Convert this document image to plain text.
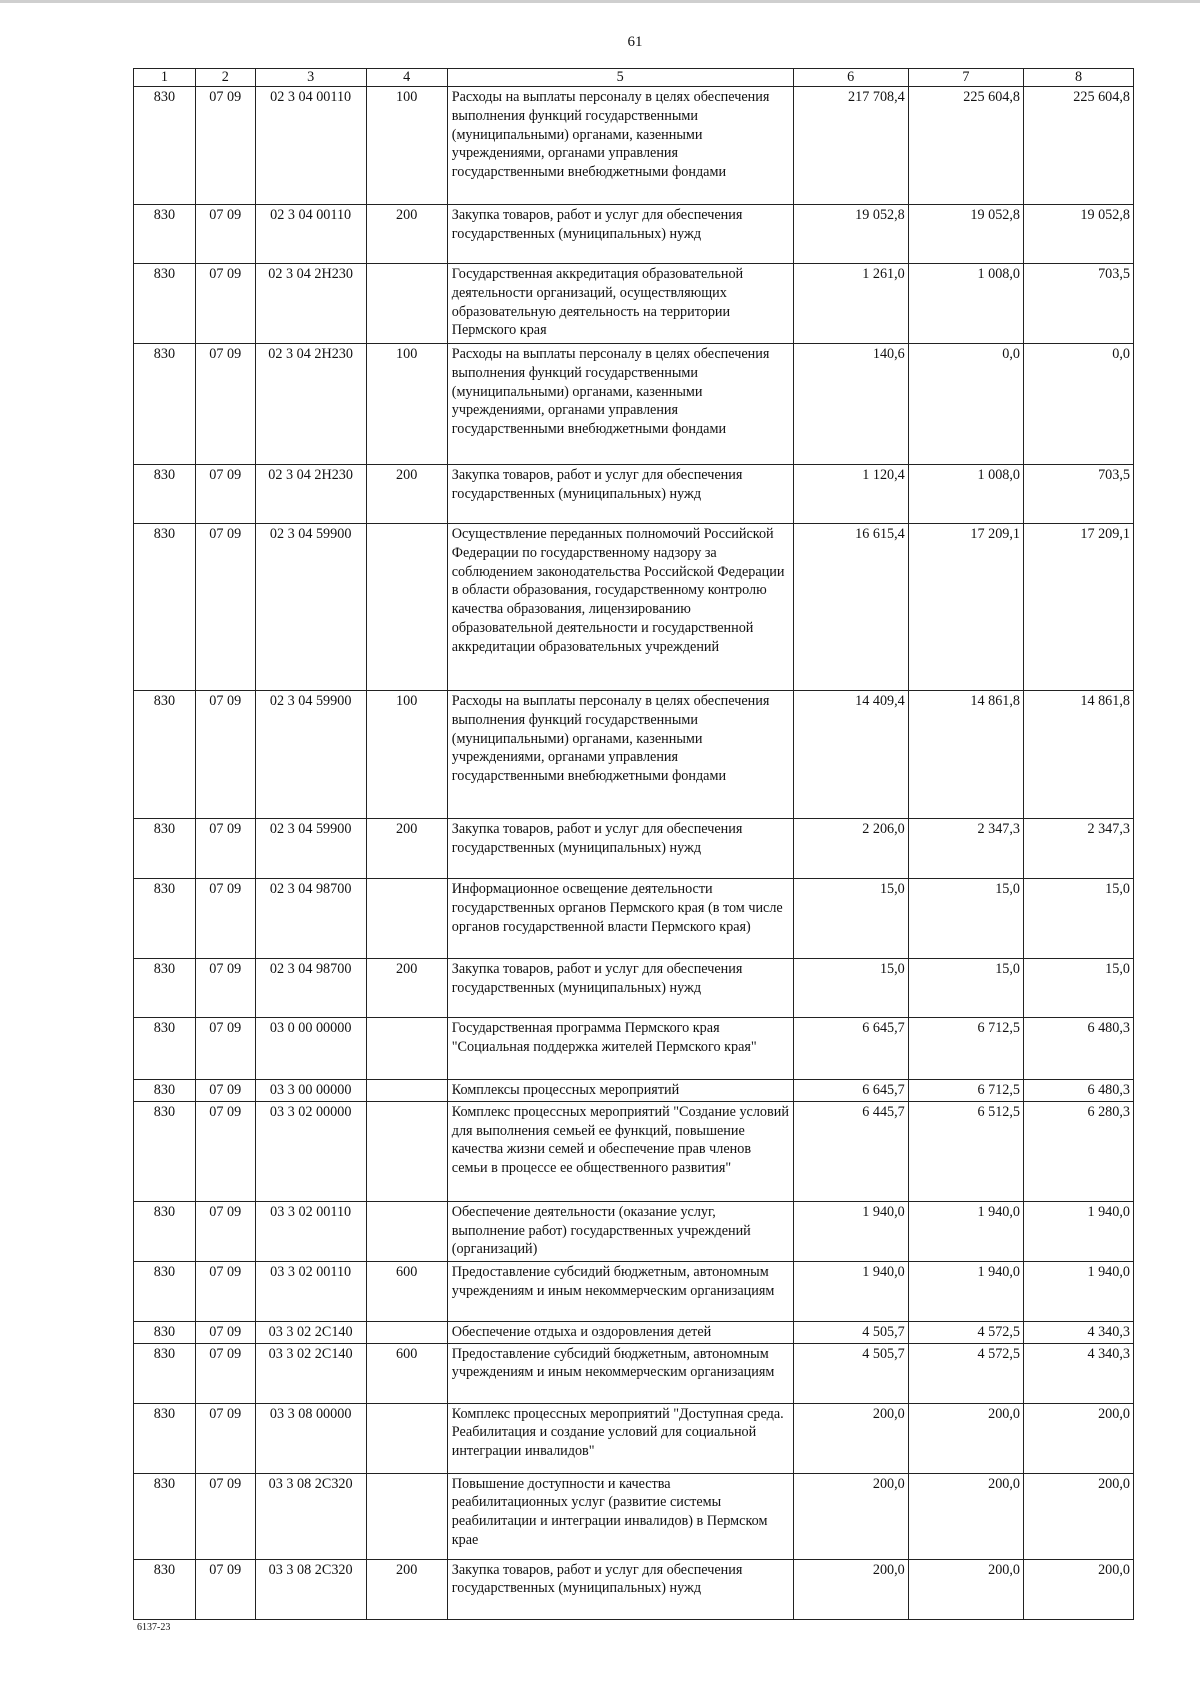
61
1	2	3	4	5	6	7	8
830	07 09	02 3 04 00110	100	Расходы на выплаты персоналу в целях обеспечения выполнения функций государственными (муниципальными) органами, казенными учреждениями, органами управления государственными внебюджетными фондами	217 708,4	225 604,8	225 604,8
830	07 09	02 3 04 00110	200	Закупка товаров, работ и услуг для обеспечения государственных (муниципальных) нужд	19 052,8	19 052,8	19 052,8
830	07 09	02 3 04 2Н230		Государственная аккредитация образовательной деятельности организаций, осуществляющих образовательную деятельность на территории Пермского края	1 261,0	1 008,0	703,5
830	07 09	02 3 04 2Н230	100	Расходы на выплаты персоналу в целях обеспечения выполнения функций государственными (муниципальными) органами, казенными учреждениями, органами управления государственными внебюджетными фондами	140,6	0,0	0,0
830	07 09	02 3 04 2Н230	200	Закупка товаров, работ и услуг для обеспечения государственных (муниципальных) нужд	1 120,4	1 008,0	703,5
830	07 09	02 3 04 59900		Осуществление переданных полномочий Российской Федерации по государственному надзору за соблюдением законодательства Российской Федерации в области образования, государственному контролю качества образования, лицензированию образовательной деятельности и государственной аккредитации образовательных учреждений	16 615,4	17 209,1	17 209,1
830	07 09	02 3 04 59900	100	Расходы на выплаты персоналу в целях обеспечения выполнения функций государственными (муниципальными) органами, казенными учреждениями, органами управления государственными внебюджетными фондами	14 409,4	14 861,8	14 861,8
830	07 09	02 3 04 59900	200	Закупка товаров, работ и услуг для обеспечения государственных (муниципальных) нужд	2 206,0	2 347,3	2 347,3
830	07 09	02 3 04 98700		Информационное освещение деятельности государственных органов Пермского края (в том числе органов государственной власти Пермского края)	15,0	15,0	15,0
830	07 09	02 3 04 98700	200	Закупка товаров, работ и услуг для обеспечения государственных (муниципальных) нужд	15,0	15,0	15,0
830	07 09	03 0 00 00000		Государственная программа Пермского края "Социальная поддержка жителей Пермского края"	6 645,7	6 712,5	6 480,3
830	07 09	03 3 00 00000		Комплексы процессных мероприятий	6 645,7	6 712,5	6 480,3
830	07 09	03 3 02 00000		Комплекс процессных мероприятий "Создание условий для выполнения семьей ее функций, повышение качества жизни семей и обеспечение прав членов семьи в процессе ее общественного развития"	6 445,7	6 512,5	6 280,3
830	07 09	03 3 02 00110		Обеспечение деятельности (оказание услуг, выполнение работ) государственных учреждений (организаций)	1 940,0	1 940,0	1 940,0
830	07 09	03 3 02 00110	600	Предоставление субсидий бюджетным, автономным учреждениям и иным некоммерческим организациям	1 940,0	1 940,0	1 940,0
830	07 09	03 3 02 2С140		Обеспечение отдыха и оздоровления детей	4 505,7	4 572,5	4 340,3
830	07 09	03 3 02 2С140	600	Предоставление субсидий бюджетным, автономным учреждениям и иным некоммерческим организациям	4 505,7	4 572,5	4 340,3
830	07 09	03 3 08 00000		Комплекс процессных мероприятий "Доступная среда. Реабилитация и создание условий для социальной интеграции инвалидов"	200,0	200,0	200,0
830	07 09	03 3 08 2С320		Повышение доступности и качества реабилитационных услуг (развитие системы реабилитации и интеграции инвалидов) в Пермском крае	200,0	200,0	200,0
830	07 09	03 3 08 2С320	200	Закупка товаров, работ и услуг для обеспечения государственных (муниципальных) нужд	200,0	200,0	200,0
6137-23
